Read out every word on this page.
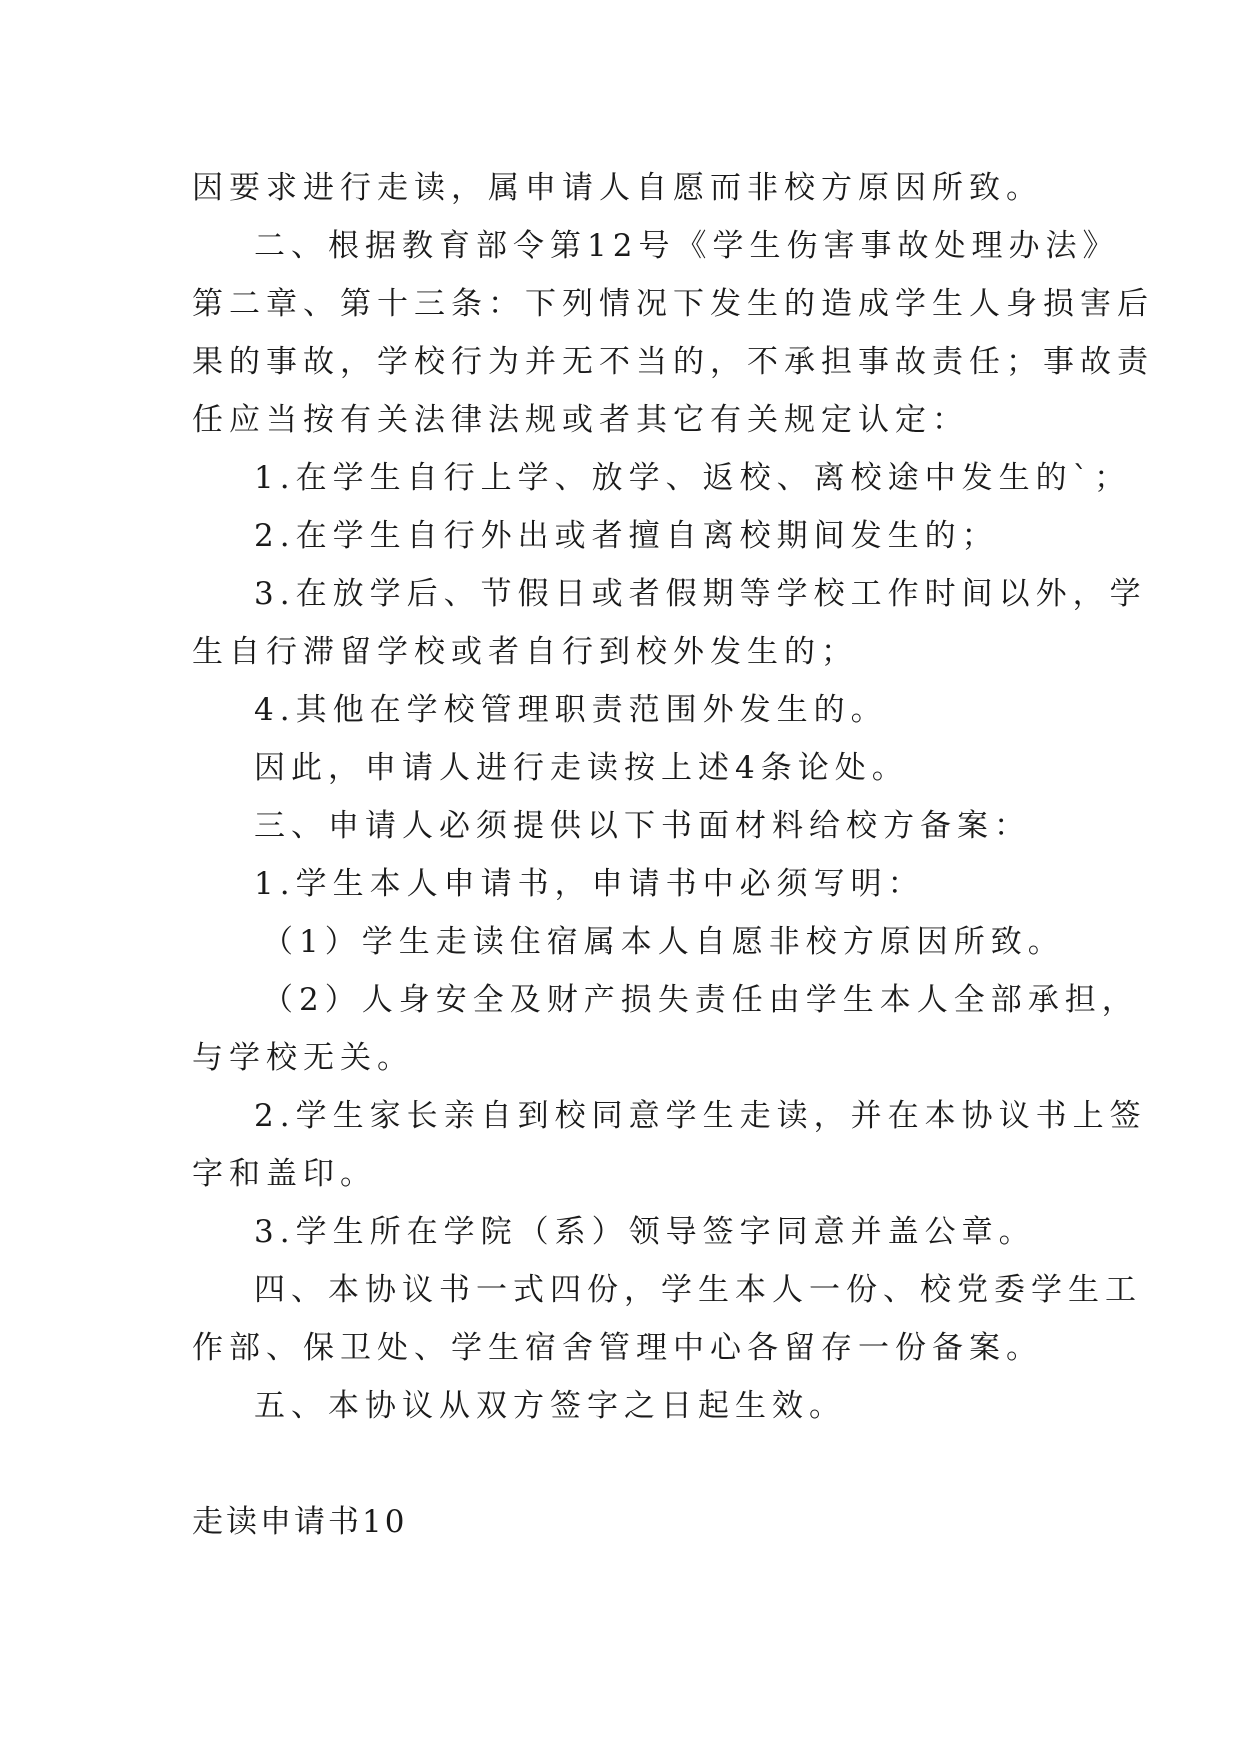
因要求进行走读，属申请人自愿而非校方原因所致。

二、根据教育部令第12号《学生伤害事故处理办法》

第二章、第十三条：下列情况下发生的造成学生人身损害后

果的事故，学校行为并无不当的，不承担事故责任；事故责

任应当按有关法律法规或者其它有关规定认定：

1.在学生自行上学、放学、返校、离校途中发生的`；

2.在学生自行外出或者擅自离校期间发生的；

3.在放学后、节假日或者假期等学校工作时间以外，学

生自行滞留学校或者自行到校外发生的；

4.其他在学校管理职责范围外发生的。

因此，申请人进行走读按上述4条论处。

三、申请人必须提供以下书面材料给校方备案：

1.学生本人申请书，申请书中必须写明：

（1）学生走读住宿属本人自愿非校方原因所致。

（2）人身安全及财产损失责任由学生本人全部承担，

与学校无关。

2.学生家长亲自到校同意学生走读，并在本协议书上签

字和盖印。

3.学生所在学院（系）领导签字同意并盖公章。

四、本协议书一式四份，学生本人一份、校党委学生工

作部、保卫处、学生宿舍管理中心各留存一份备案。

五、本协议从双方签字之日起生效。

走读申请书10
